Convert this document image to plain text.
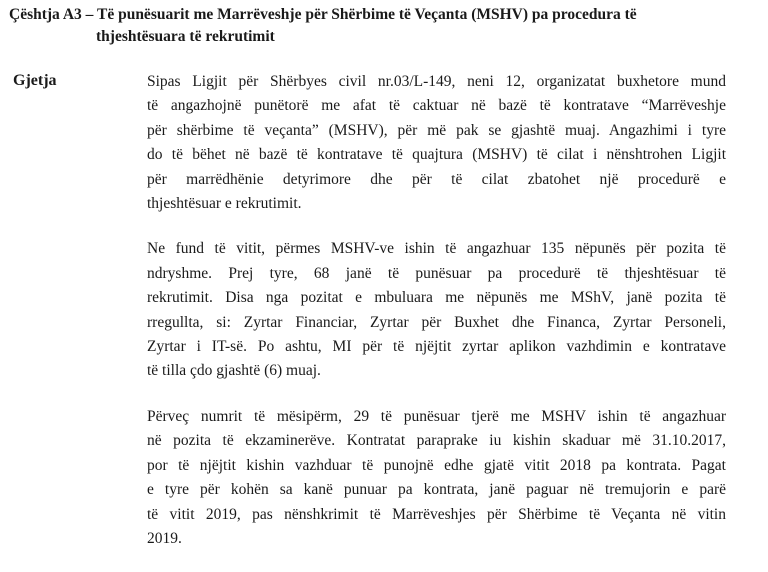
Çështja A3 – Të punësuarit me Marrëveshje për Shërbime të Veçanta (MSHV) pa procedura të
thjeshtësuara të rekrutimit
Gjetja	Sipas Ligjit për Shërbyes civil nr.03/L-149, neni 12, organizatat buxhetore mund
të angazhojnë punëtorë me afat të caktuar në bazë të kontratave “Marrëveshje
për shërbime të veçanta” (MSHV), për më pak se gjashtë muaj. Angazhimi i tyre
do të bëhet në bazë të kontratave të quajtura (MSHV) të cilat i nënshtrohen Ligjit
për marrëdhënie detyrimore dhe për të cilat zbatohet një procedurë e
thjeshtësuar e rekrutimit.
Ne fund të vitit, përmes MSHV-ve ishin të angazhuar 135 nëpunës për pozita të
ndryshme. Prej tyre, 68 janë të punësuar pa procedurë të thjeshtësuar të
rekrutimit. Disa nga pozitat e mbuluara me nëpunës me MShV, janë pozita të
rregullta, si: Zyrtar Financiar, Zyrtar për Buxhet dhe Financa, Zyrtar Personeli,
Zyrtar i IT-së. Po ashtu, MI për të njëjtit zyrtar aplikon vazhdimin e kontratave
të tilla çdo gjashtë (6) muaj.
Përveç numrit të mësipërm, 29 të punësuar tjerë me MSHV ishin të angazhuar
në pozita të ekzaminerëve. Kontratat paraprake iu kishin skaduar më 31.10.2017,
por të njëjtit kishin vazhduar të punojnë edhe gjatë vitit 2018 pa kontrata. Pagat
e tyre për kohën sa kanë punuar pa kontrata, janë paguar në tremujorin e parë
të vitit 2019, pas nënshkrimit të Marrëveshjes për Shërbime të Veçanta në vitin
2019.
